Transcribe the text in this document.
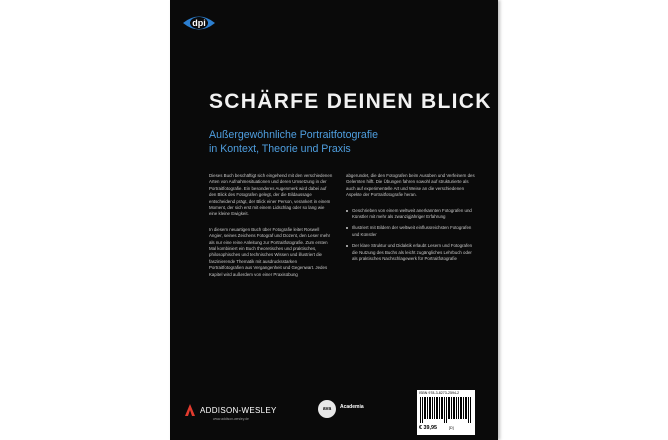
dpi
SCHÄRFE DEINEN BLICK
Außergewöhnliche Portraitfotografie
in Kontext, Theorie und Praxis

Dieses Buch beschäftigt sich eingehend mit den verschiedenen Arten von Aufnahmesituationen und deren Umsetzung in der Portraitfotografie. Ein besonderes Augenmerk wird dabei auf den Blick des Fotografen gelegt, der die Bildaussage entscheidend prägt, der Blick einer Person, verankert in einem Moment, der sich erst mit einem Lidschlag oder so lang wie eine kleine Ewigkeit.

In diesem neuartigen Buch über Fotografie leitet Roswell Angier, seines Zeichens Fotograf und Dozent, den Leser mehr als nur eine reine Anleitung zur Portraitfotografie. Zum ersten Mal kombiniert ein Buch theoretisches und praktisches, philosophisches und technisches Wissen und illustriert die faszinierende Thematik mit ausdrucksstarken Portraitfotografien aus Vergangenheit und Gegenwart. Jedes Kapitel wird außerdem von einer Praxisübung

abgerundet, die den Fotografen beim Ausüben und Verfeinern des Gelernten hilft. Die Übungen fahren sowohl auf strukturierte als auch auf experimentelle Art und Weise an die verschiedenen Aspekte der Portraitfotografie heran.

Geschrieben von einem weltweit anerkannten Fotografen und Künstler mit mehr als zwanzigjähriger Erfahrung
Illustriert mit Bildern der weltweit einflussreichsten Fotografen und Künstler
Der klare Struktur und Didaktik erlaubt Lesern und Fotografen die Nutzung des Buchs als leicht zugängliches Lehrbuch oder als praktisches Nachschlagewerk für Portraitfotografie
ADDISON-WESLEY
www.addison-wesley.de
ava	Academia
ISBN 978-3-8273-2594-2
€ 39,95	[D]
